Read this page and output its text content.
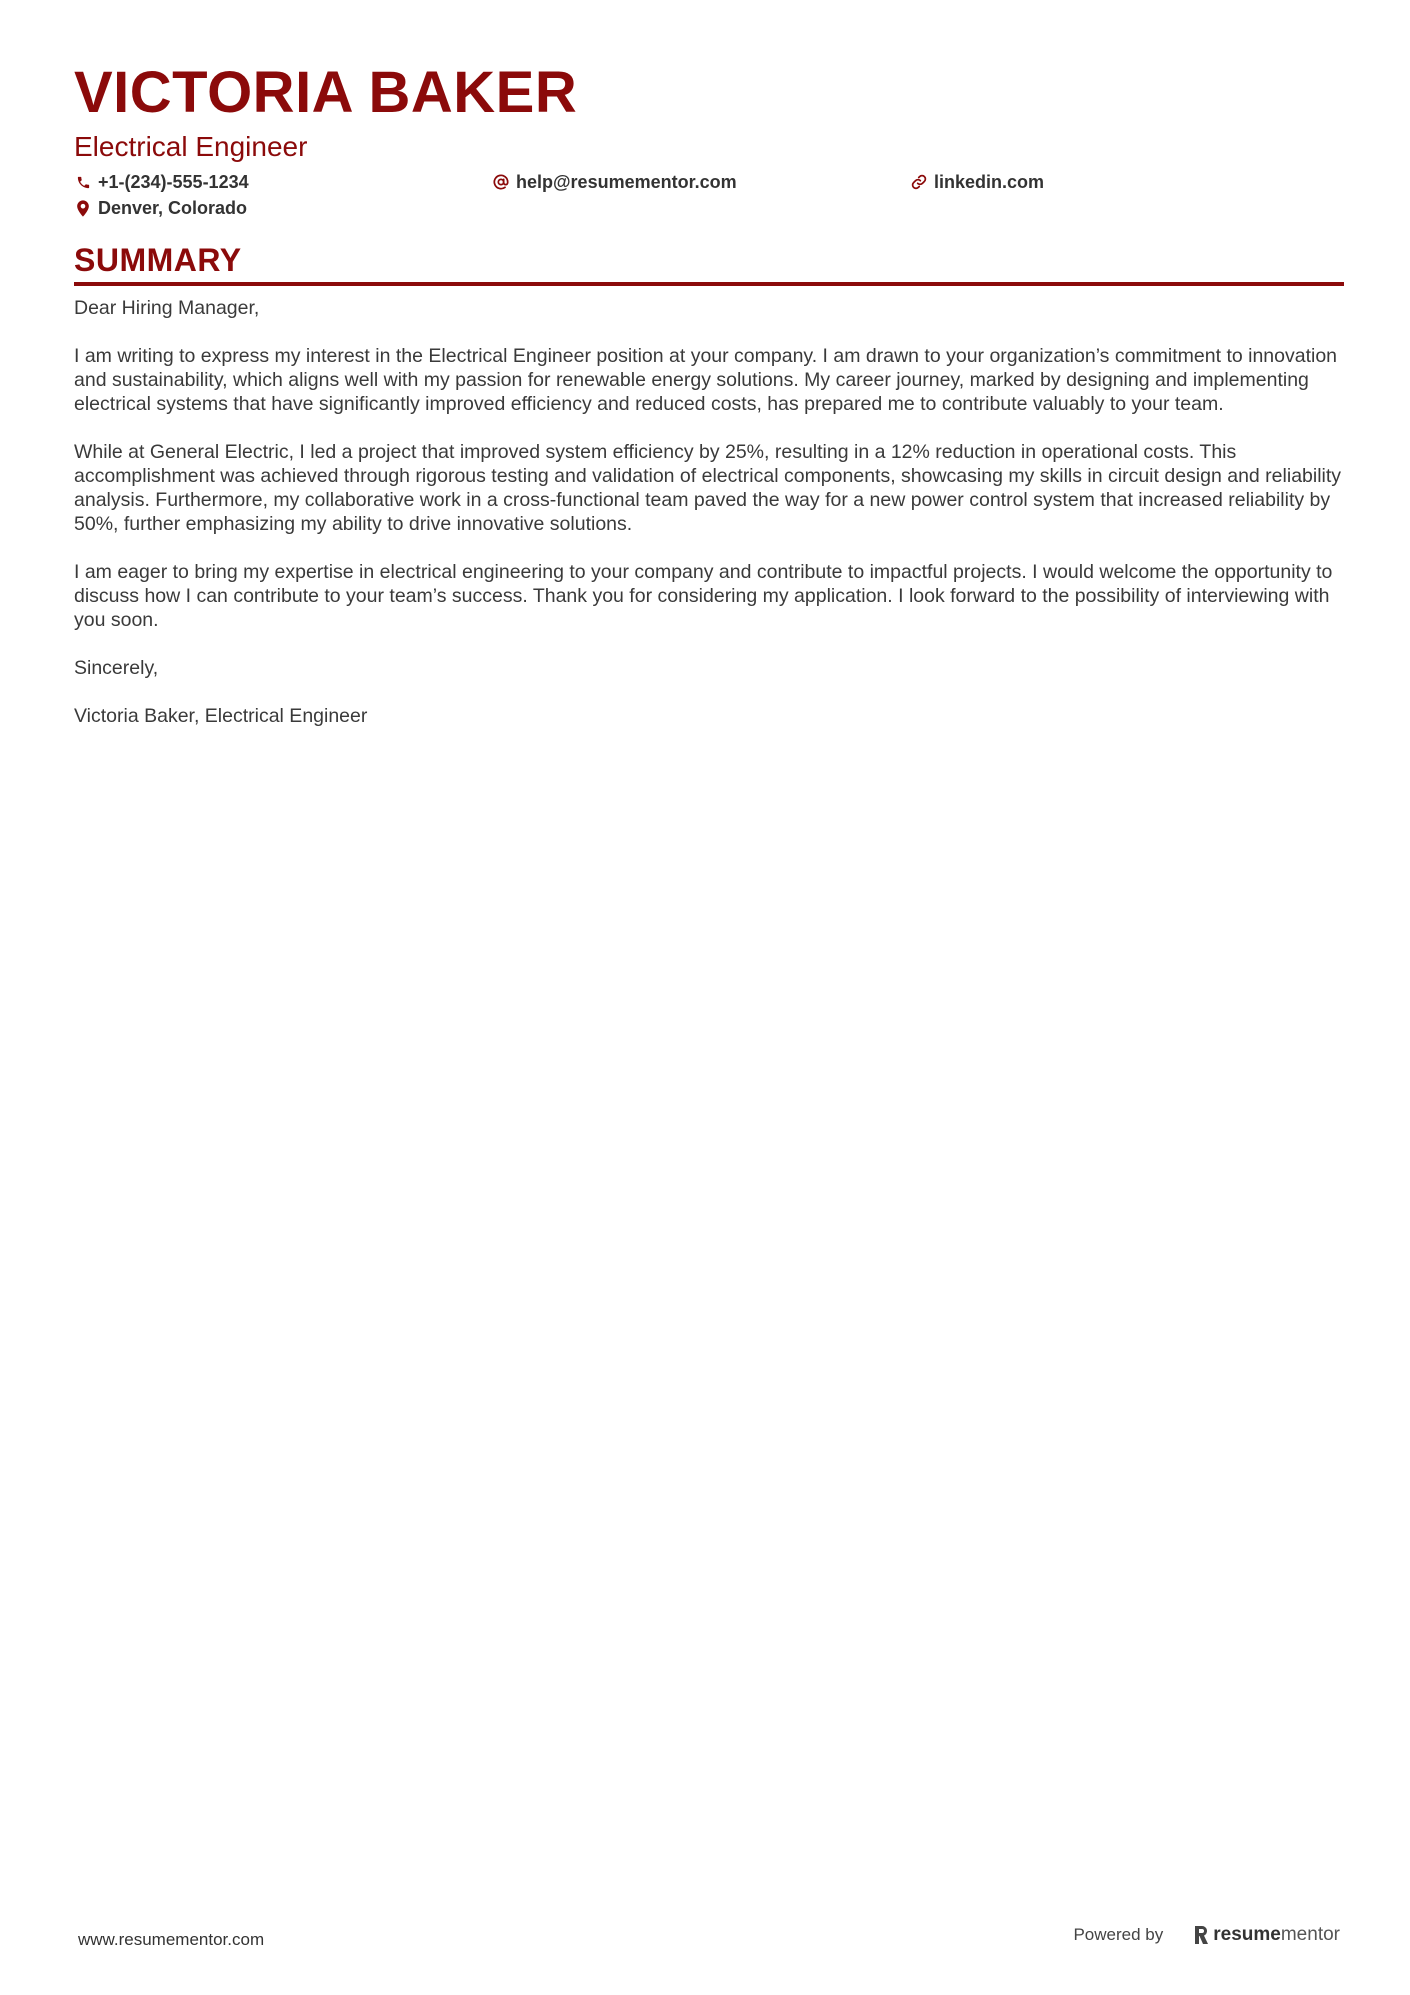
VICTORIA BAKER
Electrical Engineer
+1-(234)-555-1234	help@resumementor.com	linkedin.com
Denver, Colorado
SUMMARY

Dear Hiring Manager,

I am writing to express my interest in the Electrical Engineer position at your company. I am drawn to your organization’s commitment to innovation and sustainability, which aligns well with my passion for renewable energy solutions. My career journey, marked by designing and implementing electrical systems that have significantly improved efficiency and reduced costs, has prepared me to contribute valuably to your team.

While at General Electric, I led a project that improved system efficiency by 25%, resulting in a 12% reduction in operational costs. This accomplishment was achieved through rigorous testing and validation of electrical components, showcasing my skills in circuit design and reliability analysis. Furthermore, my collaborative work in a cross-functional team paved the way for a new power control system that increased reliability by 50%, further emphasizing my ability to drive innovative solutions.

I am eager to bring my expertise in electrical engineering to your company and contribute to impactful projects. I would welcome the opportunity to discuss how I can contribute to your team’s success. Thank you for considering my application. I look forward to the possibility of interviewing with you soon.

Sincerely,

Victoria Baker, Electrical Engineer

www.resumementor.com	Powered by	resume mentor
